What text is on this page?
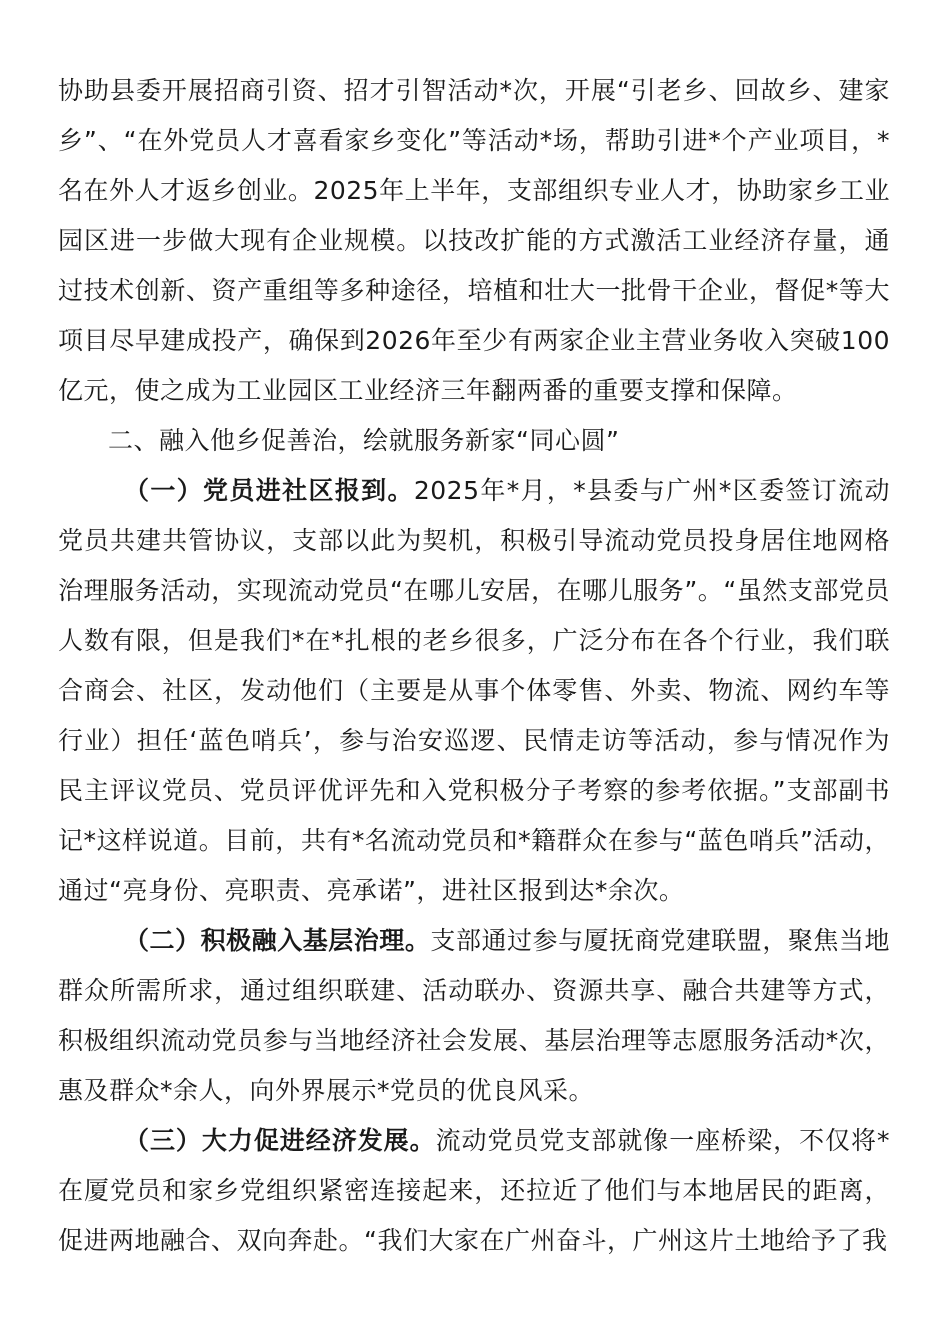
协助县委开展招商引资、招才引智活动*次，开展“引老乡、回故乡、建家乡”、“在外党员人才喜看家乡变化”等活动*场，帮助引进*个产业项目，*名在外人才返乡创业。2025年上半年，支部组织专业人才，协助家乡工业园区进一步做大现有企业规模。以技改扩能的方式激活工业经济存量，通过技术创新、资产重组等多种途径，培植和壮大一批骨干企业，督促*等大项目尽早建成投产，确保到2026年至少有两家企业主营业务收入突破100亿元，使之成为工业园区工业经济三年翻两番的重要支撑和保障。

二、融入他乡促善治，绘就服务新家“同心圆”

（一）党员进社区报到。2025年*月，*县委与广州*区委签订流动党员共建共管协议，支部以此为契机，积极引导流动党员投身居住地网格治理服务活动，实现流动党员“在哪儿安居，在哪儿服务”。“虽然支部党员人数有限，但是我们*在*扎根的老乡很多，广泛分布在各个行业，我们联合商会、社区，发动他们（主要是从事个体零售、外卖、物流、网约车等行业）担任‘蓝色哨兵’，参与治安巡逻、民情走访等活动，参与情况作为民主评议党员、党员评优评先和入党积极分子考察的参考依据。”支部副书记*这样说道。目前，共有*名流动党员和*籍群众在参与“蓝色哨兵”活动，通过“亮身份、亮职责、亮承诺”，进社区报到达*余次。

（二）积极融入基层治理。支部通过参与厦抚商党建联盟，聚焦当地群众所需所求，通过组织联建、活动联办、资源共享、融合共建等方式，积极组织流动党员参与当地经济社会发展、基层治理等志愿服务活动*次，惠及群众*余人，向外界展示*党员的优良风采。

（三）大力促进经济发展。流动党员党支部就像一座桥梁，不仅将*在厦党员和家乡党组织紧密连接起来，还拉近了他们与本地居民的距离，促进两地融合、双向奔赴。“我们大家在广州奋斗，广州这片土地给予了我
